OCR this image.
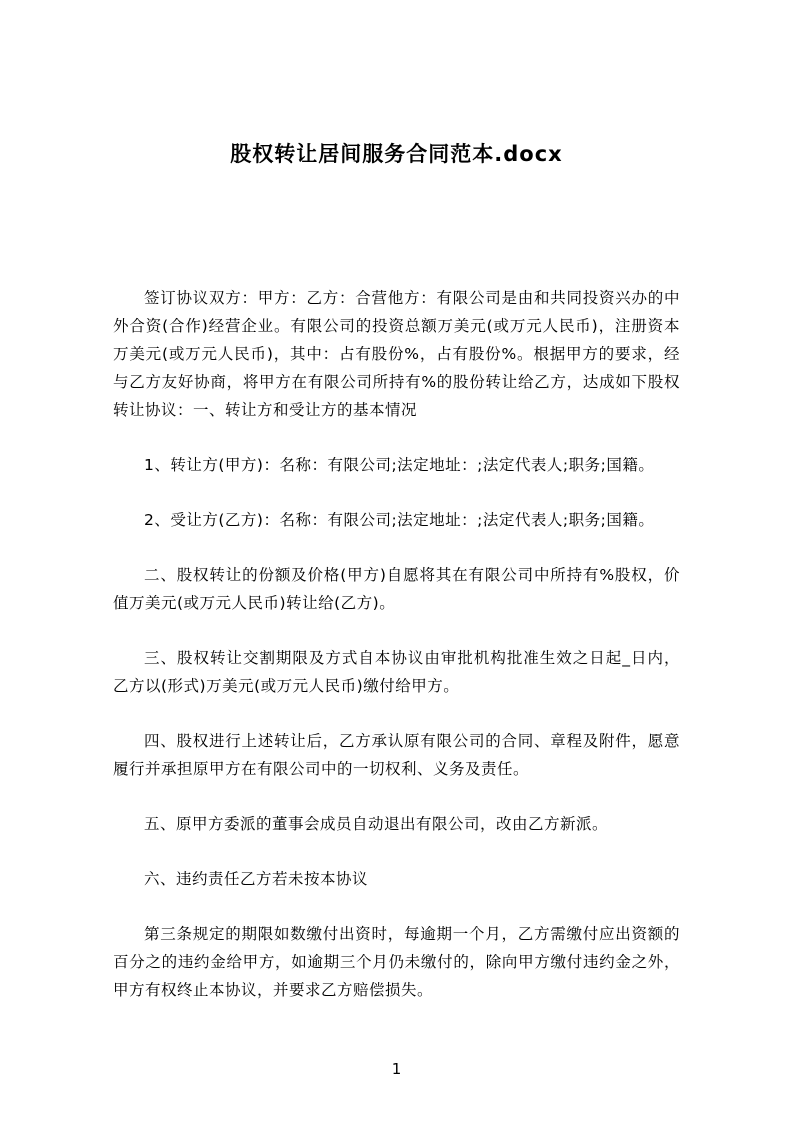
股权转让居间服务合同范本.docx

签订协议双方：甲方：乙方：合营他方：有限公司是由和共同投资兴办的中外合资(合作)经营企业。有限公司的投资总额万美元(或万元人民币)，注册资本万美元(或万元人民币)，其中：占有股份%，占有股份%。根据甲方的要求，经与乙方友好协商，将甲方在有限公司所持有%的股份转让给乙方，达成如下股权转让协议：一、转让方和受让方的基本情况

1、转让方(甲方)：名称：有限公司;法定地址：;法定代表人;职务;国籍。

2、受让方(乙方)：名称：有限公司;法定地址：;法定代表人;职务;国籍。

二、股权转让的份额及价格(甲方)自愿将其在有限公司中所持有%股权，价值万美元(或万元人民币)转让给(乙方)。

三、股权转让交割期限及方式自本协议由审批机构批准生效之日起_日内，乙方以(形式)万美元(或万元人民币)缴付给甲方。

四、股权进行上述转让后，乙方承认原有限公司的合同、章程及附件，愿意履行并承担原甲方在有限公司中的一切权利、义务及责任。

五、原甲方委派的董事会成员自动退出有限公司，改由乙方新派。

六、违约责任乙方若未按本协议

第三条规定的期限如数缴付出资时，每逾期一个月，乙方需缴付应出资额的百分之的违约金给甲方，如逾期三个月仍未缴付的，除向甲方缴付违约金之外，甲方有权终止本协议，并要求乙方赔偿损失。

1
